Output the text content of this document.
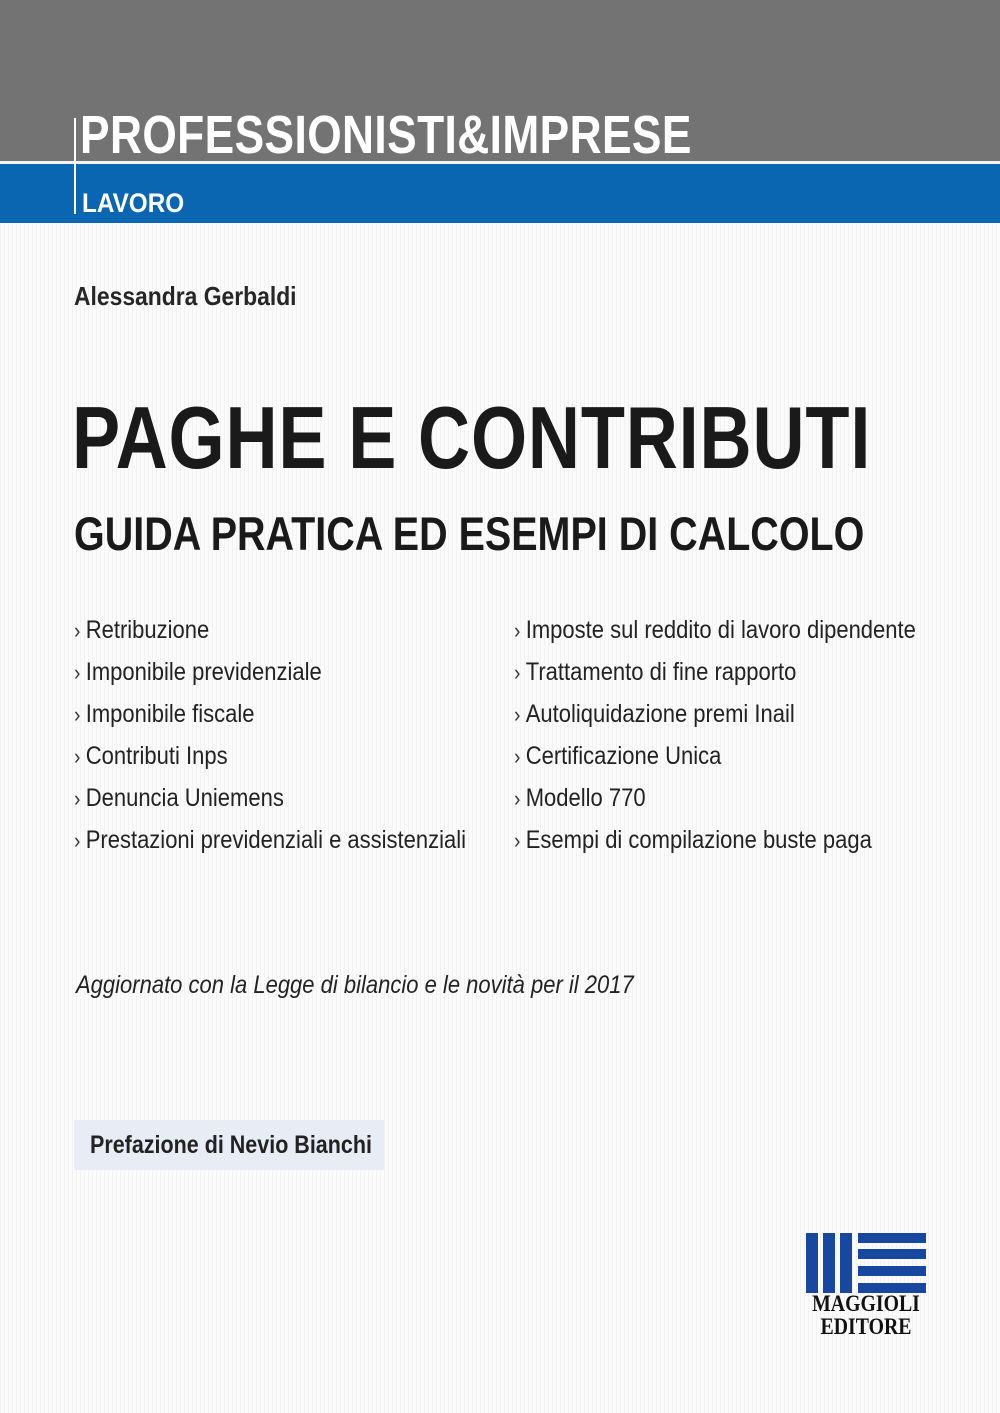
PROFESSIONISTI&IMPRESE
LAVORO
Alessandra Gerbaldi
PAGHE E CONTRIBUTI
GUIDA PRATICA ED ESEMPI DI CALCOLO
› Retribuzione
› Imponibile previdenziale
› Imponibile fiscale
› Contributi Inps
› Denuncia Uniemens
› Prestazioni previdenziali e assistenziali
› Imposte sul reddito di lavoro dipendente
› Trattamento di fine rapporto
› Autoliquidazione premi Inail
› Certificazione Unica
› Modello 770
› Esempi di compilazione buste paga
Aggiornato con la Legge di bilancio e le novità per il 2017
Prefazione di Nevio Bianchi
MAGGIOLI
EDITORE
